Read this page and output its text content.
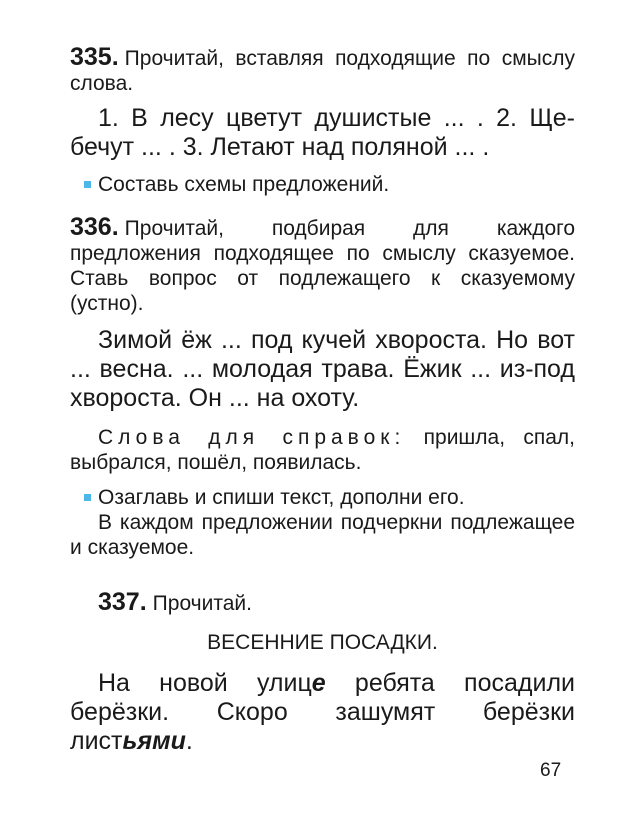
335. Прочитай, вставляя подходящие по смыслу слова.

1. В лесу цветут душистые ... . 2. Щебечут ... . 3. Летают над поляной ... .

Составь схемы предложений.

336. Прочитай, подбирая для каждого предложения подходящее по смыслу сказуемое. Ставь вопрос от подлежащего к сказуемому (устно).

Зимой ёж ... под кучей хвороста. Но вот ... весна. ... молодая трава. Ёжик ... из-под хвороста. Он ... на охоту.

Слова для справок: пришла, спал, выбрался, пошёл, появилась.

Озаглавь и спиши текст, дополни его.

В каждом предложении подчеркни подлежащее и сказуемое.

337. Прочитай.

ВЕСЕННИЕ ПОСАДКИ.

На новой улице ребята посадили берёзки. Скоро зашумят берёзки листьями.

67
